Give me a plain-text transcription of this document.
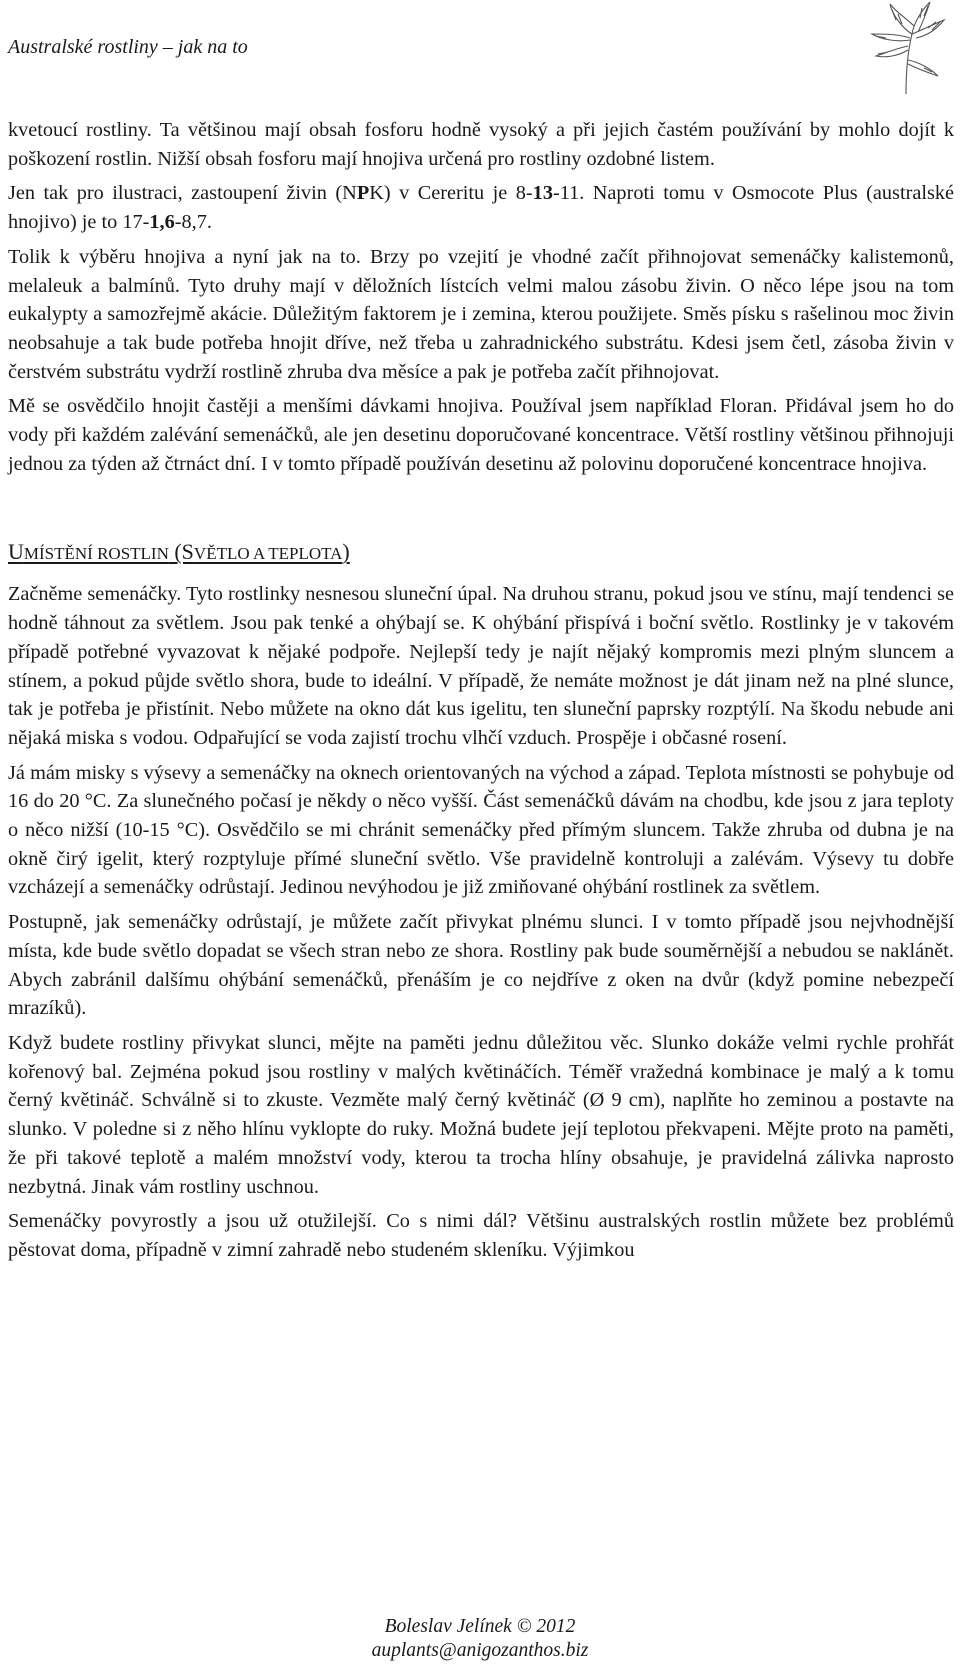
Australské rostliny – jak na to

kvetoucí rostliny. Ta většinou mají obsah fosforu hodně vysoký a při jejich častém používání by mohlo dojít k poškození rostlin. Nižší obsah fosforu mají hnojiva určená pro rostliny ozdobné listem.

Jen tak pro ilustraci, zastoupení živin (NPK) v Cereritu je 8-13-11. Naproti tomu v Osmocote Plus (australské hnojivo) je to 17-1,6-8,7.

Tolik k výběru hnojiva a nyní jak na to. Brzy po vzejití je vhodné začít přihnojovat semenáčky kalistemonů, melaleuk a balmínů. Tyto druhy mají v děložních lístcích velmi malou zásobu živin. O něco lépe jsou na tom eukalypty a samozřejmě akácie. Důležitým faktorem je i zemina, kterou použijete. Směs písku s rašelinou moc živin neobsahuje a tak bude potřeba hnojit dříve, než třeba u zahradnického substrátu. Kdesi jsem četl, zásoba živin v čerstvém substrátu vydrží rostlině zhruba dva měsíce a pak je potřeba začít přihnojovat.

Mě se osvědčilo hnojit častěji a menšími dávkami hnojiva. Používal jsem například Floran. Přidával jsem ho do vody při každém zalévání semenáčků, ale jen desetinu doporučované koncentrace. Větší rostliny většinou přihnojuji jednou za týden až čtrnáct dní. I v tomto případě používán desetinu až polovinu doporučené koncentrace hnojiva.

UMÍSTĚNÍ ROSTLIN (SVĚTLO A TEPLOTA)

Začněme semenáčky. Tyto rostlinky nesnesou sluneční úpal. Na druhou stranu, pokud jsou ve stínu, mají tendenci se hodně táhnout za světlem. Jsou pak tenké a ohýbají se. K ohýbání přispívá i boční světlo. Rostlinky je v takovém případě potřebné vyvazovat k nějaké podpoře. Nejlepší tedy je najít nějaký kompromis mezi plným sluncem a stínem, a pokud půjde světlo shora, bude to ideální. V případě, že nemáte možnost je dát jinam než na plné slunce, tak je potřeba je přistínit. Nebo můžete na okno dát kus igelitu, ten sluneční paprsky rozptýlí. Na škodu nebude ani nějaká miska s vodou. Odpařující se voda zajistí trochu vlhčí vzduch. Prospěje i občasné rosení.

Já mám misky s výsevy a semenáčky na oknech orientovaných na východ a západ. Teplota místnosti se pohybuje od 16 do 20 °C. Za slunečného počasí je někdy o něco vyšší. Část semenáčků dávám na chodbu, kde jsou z jara teploty o něco nižší (10-15 °C). Osvědčilo se mi chránit semenáčky před přímým sluncem. Takže zhruba od dubna je na okně čirý igelit, který rozptyluje přímé sluneční světlo. Vše pravidelně kontroluji a zalévám. Výsevy tu dobře vzcházejí a semenáčky odrůstají. Jedinou nevýhodou je již zmiňované ohýbání rostlinek za světlem.

Postupně, jak semenáčky odrůstají, je můžete začít přivykat plnému slunci. I v tomto případě jsou nejvhodnější místa, kde bude světlo dopadat se všech stran nebo ze shora. Rostliny pak bude souměrnější a nebudou se naklánět. Abych zabránil dalšímu ohýbání semenáčků, přenáším je co nejdříve z oken na dvůr (když pomine nebezpečí mrazíků).

Když budete rostliny přivykat slunci, mějte na paměti jednu důležitou věc. Slunko dokáže velmi rychle prohřát kořenový bal. Zejména pokud jsou rostliny v malých květináčích. Téměř vražedná kombinace je malý a k tomu černý květináč. Schválně si to zkuste. Vezměte malý černý květináč (Ø 9 cm), naplňte ho zeminou a postavte na slunko. V poledne si z něho hlínu vyklopte do ruky. Možná budete její teplotou překvapeni. Mějte proto na paměti, že při takové teplotě a malém množství vody, kterou ta trocha hlíny obsahuje, je pravidelná zálivka naprosto nezbytná. Jinak vám rostliny uschnou.

Semenáčky povyrostly a jsou už otužilejší. Co s nimi dál? Většinu australských rostlin můžete bez problémů pěstovat doma, případně v zimní zahradě nebo studeném skleníku. Výjimkou

Boleslav Jelínek © 2012
auplants@anigozanthos.biz
